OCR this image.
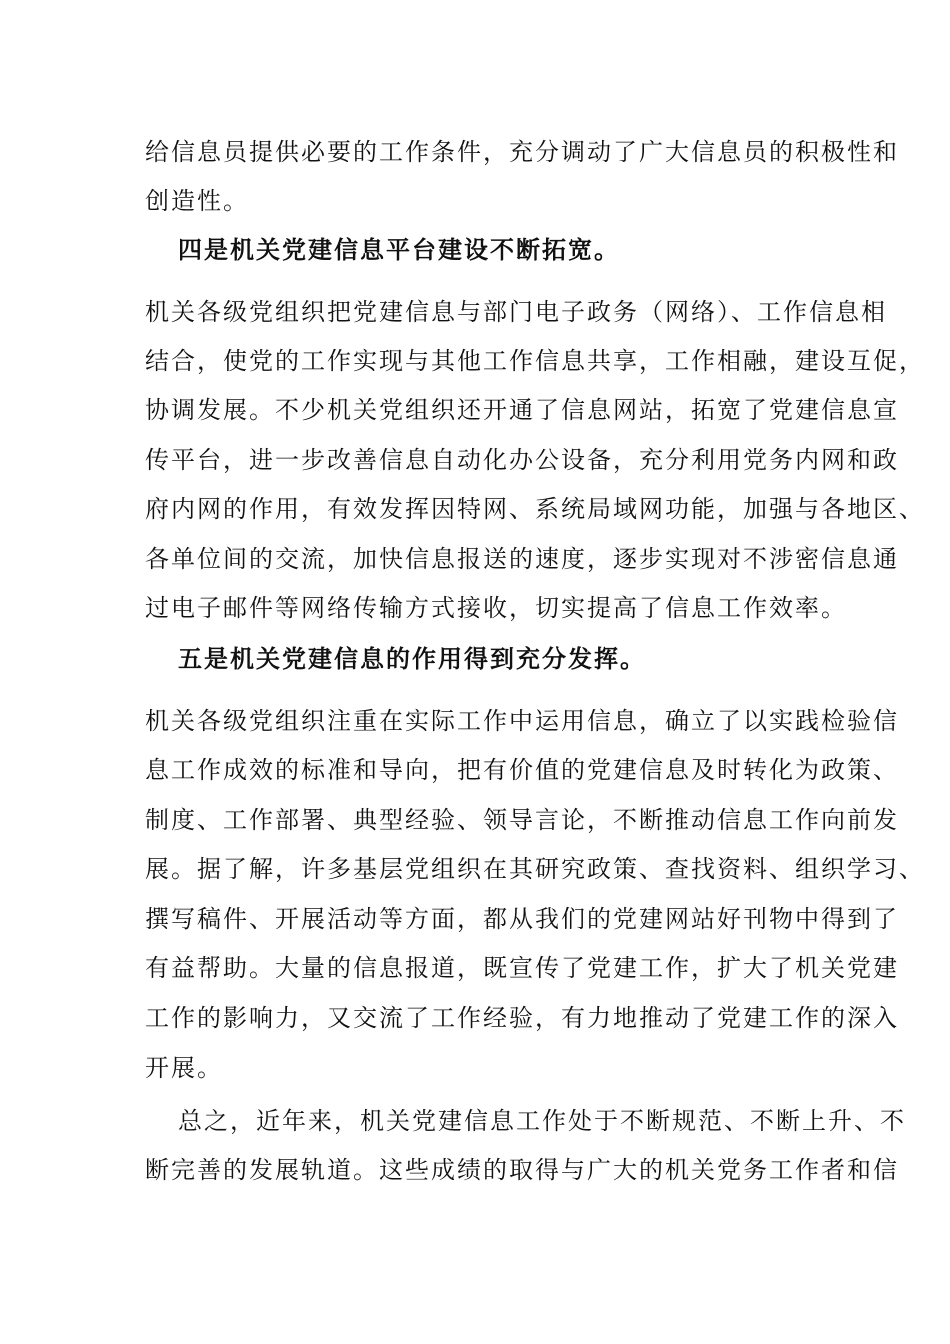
给信息员提供必要的工作条件，充分调动了广大信息员的积极性和
创造性。
四是机关党建信息平台建设不断拓宽。
机关各级党组织把党建信息与部门电子政务（网络）、工作信息相
结合，使党的工作实现与其他工作信息共享，工作相融，建设互促，
协调发展。不少机关党组织还开通了信息网站，拓宽了党建信息宣
传平台，进一步改善信息自动化办公设备，充分利用党务内网和政
府内网的作用，有效发挥因特网、系统局域网功能，加强与各地区、
各单位间的交流，加快信息报送的速度，逐步实现对不涉密信息通
过电子邮件等网络传输方式接收，切实提高了信息工作效率。
五是机关党建信息的作用得到充分发挥。
机关各级党组织注重在实际工作中运用信息，确立了以实践检验信
息工作成效的标准和导向，把有价值的党建信息及时转化为政策、
制度、工作部署、典型经验、领导言论，不断推动信息工作向前发
展。据了解，许多基层党组织在其研究政策、查找资料、组织学习、
撰写稿件、开展活动等方面，都从我们的党建网站好刊物中得到了
有益帮助。大量的信息报道，既宣传了党建工作，扩大了机关党建
工作的影响力，又交流了工作经验，有力地推动了党建工作的深入
开展。
总之，近年来，机关党建信息工作处于不断规范、不断上升、不
断完善的发展轨道。这些成绩的取得与广大的机关党务工作者和信
